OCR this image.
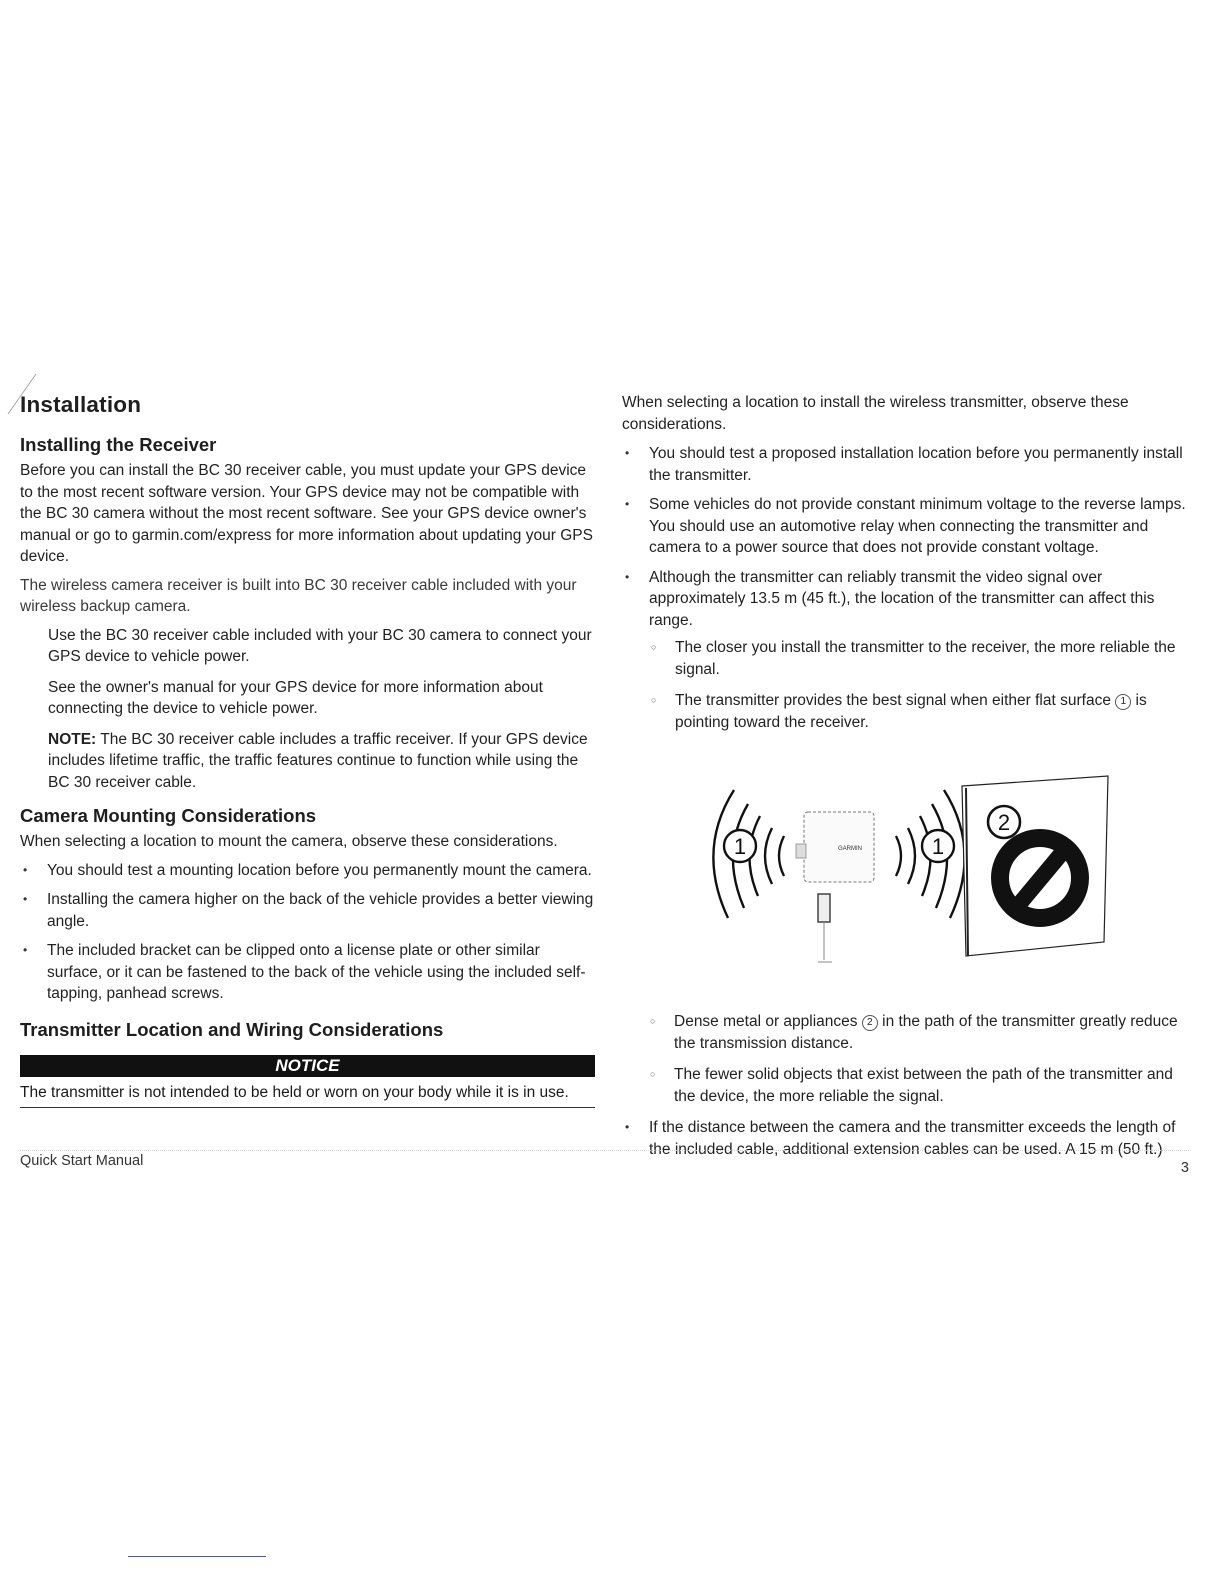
Installation
Installing the Receiver

Before you can install the BC 30 receiver cable, you must update your GPS device to the most recent software version. Your GPS device may not be compatible with the BC 30 camera without the most recent software. See your GPS device owner's manual or go to garmin.com/express for more information about updating your GPS device.

The wireless camera receiver is built into BC 30 receiver cable included with your wireless backup camera.

Use the BC 30 receiver cable included with your BC 30 camera to connect your GPS device to vehicle power.

See the owner's manual for your GPS device for more information about connecting the device to vehicle power.

NOTE: The BC 30 receiver cable includes a traffic receiver. If your GPS device includes lifetime traffic, the traffic features continue to function while using the BC 30 receiver cable.

Camera Mounting Considerations

When selecting a location to mount the camera, observe these considerations.

• You should test a mounting location before you permanently mount the camera.
• Installing the camera higher on the back of the vehicle provides a better viewing angle.
• The included bracket can be clipped onto a license plate or other similar surface, or it can be fastened to the back of the vehicle using the included self-tapping, panhead screws.
Transmitter Location and Wiring Considerations
NOTICE
The transmitter is not intended to be held or worn on your body while it is in use.

When selecting a location to install the wireless transmitter, observe these considerations.

• You should test a proposed installation location before you permanently install the transmitter.
• Some vehicles do not provide constant minimum voltage to the reverse lamps. You should use an automotive relay when connecting the transmitter and camera to a power source that does not provide constant voltage.
• Although the transmitter can reliably transmit the video signal over approximately 13.5 m (45 ft.), the location of the transmitter can affect this range.
○ The closer you install the transmitter to the receiver, the more reliable the signal.
○ The transmitter provides the best signal when either flat surface 1 is pointing toward the receiver.
○ Dense metal or appliances 2 in the path of the transmitter greatly reduce the transmission distance.
○ The fewer solid objects that exist between the path of the transmitter and the device, the more reliable the signal.
• If the distance between the camera and the transmitter exceeds the length of the included cable, additional extension cables can be used. A 15 m (50 ft.)
1	GARMIN	1
2
Quick Start Manual	3
